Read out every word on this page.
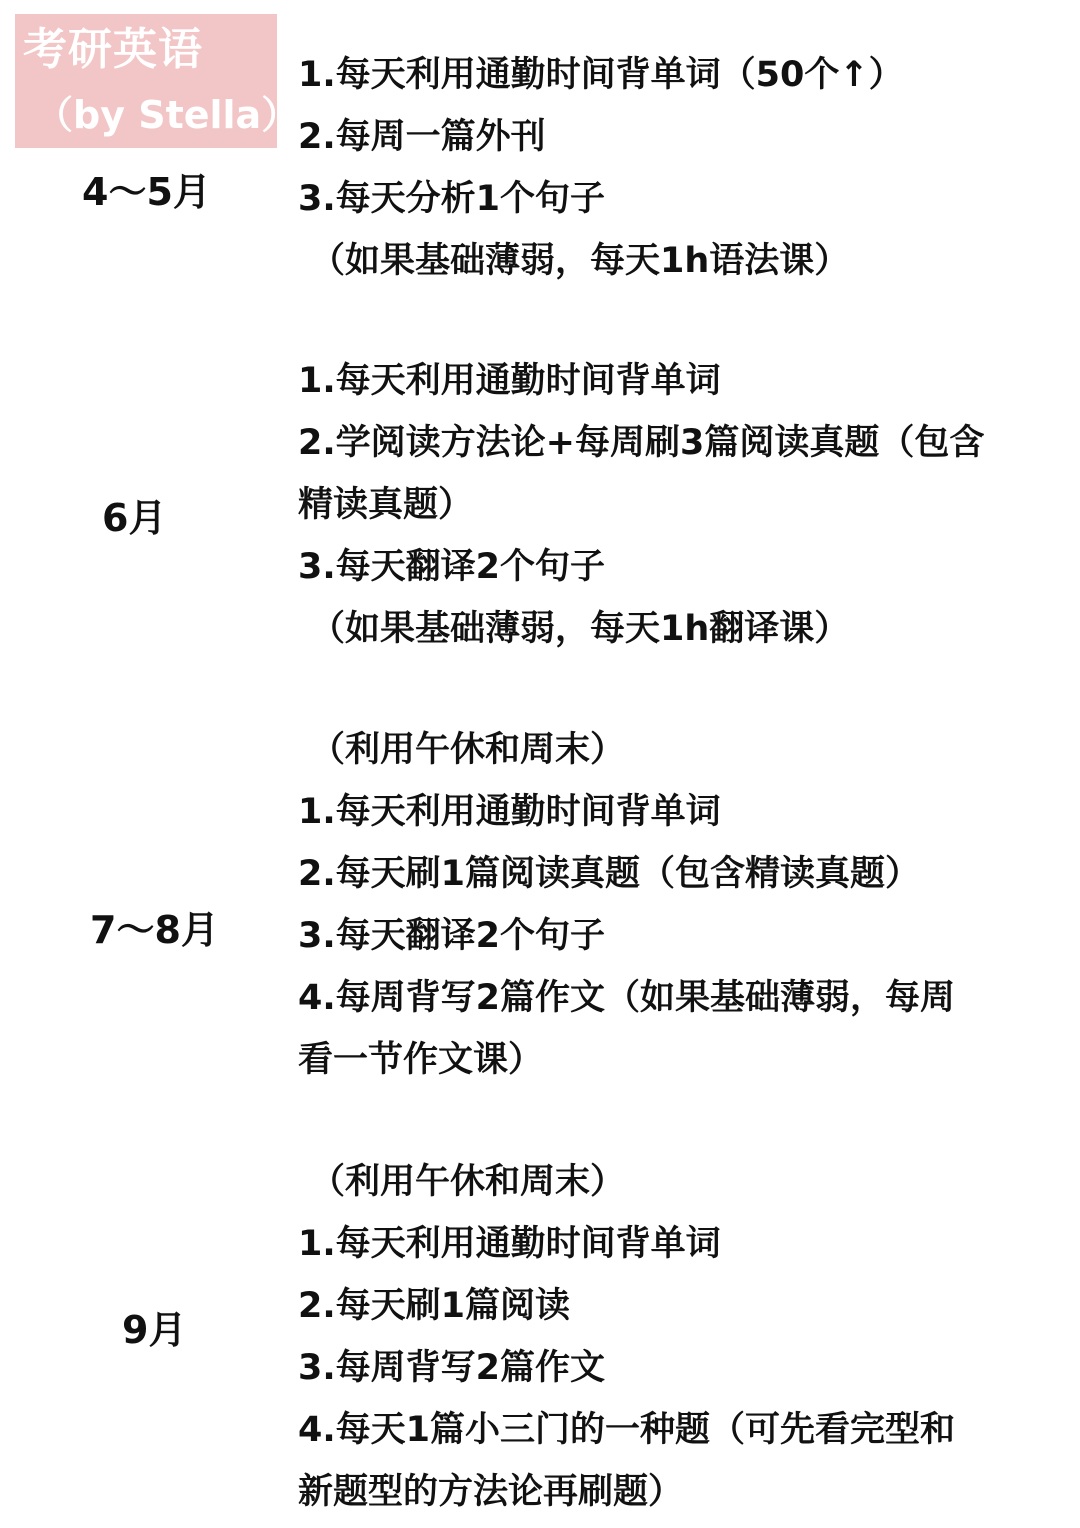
考研英语
（by Stella）
4～5月
1.每天利用通勤时间背单词（50个↑）
2.每周一篇外刊
3.每天分析1个句子
（如果基础薄弱，每天1h语法课）
6月
1.每天利用通勤时间背单词
2.学阅读方法论+每周刷3篇阅读真题（包含
精读真题）
3.每天翻译2个句子
（如果基础薄弱，每天1h翻译课）
7～8月
（利用午休和周末）
1.每天利用通勤时间背单词
2.每天刷1篇阅读真题（包含精读真题）
3.每天翻译2个句子
4.每周背写2篇作文（如果基础薄弱，每周
看一节作文课）
9月
（利用午休和周末）
1.每天利用通勤时间背单词
2.每天刷1篇阅读
3.每周背写2篇作文
4.每天1篇小三门的一种题（可先看完型和
新题型的方法论再刷题）
